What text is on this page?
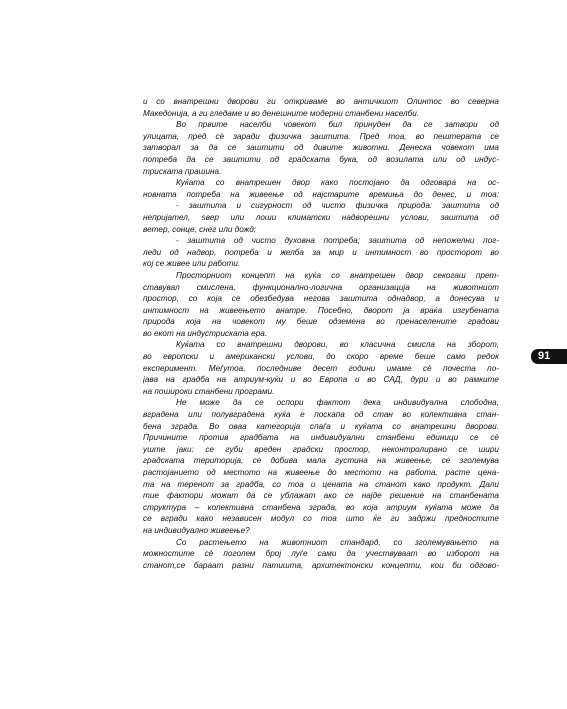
и со внатрешни дворови ги откриваме во античкиот Олинтос во северна
Македонија, а ги гледаме и во денешните модерни станбени населби.
Во првите населби човекот бил принуден да се затвори од
улицата, пред сè заради физичка заштита. Пред тоа, во пештерата се
затворал за да се заштити од дивите животни. Денеска човекот има
потреба да се заштити од градската бука, од возилата или од индус-
триската прашина.
Куќата со внатрешен двор како постојано да одговара на ос-
новната потреба на живеење од најстарите времиња до денес, и тоа:
- заштита и сигурност од чисто физичка природа: заштита од
непријател, ѕвер или лоши климатски надворешни услови, заштита од
ветер, сонце, снег или дожд;
- заштита од чисто духовна потреба; заштита од непожелни пог-
леди од надвор, потреба и желба за мир и интимност во просторот во
кој се живее или работи.
Просторниот концепт на куќа со внатрешен двор секогаш прет-
ставувал смислена, функционално-логична организација на животниот
простор, со која се обезбедува негова заштита однадвор, а донесува и
интимност на живеењето внатре. Посебно, дворот ја враќа изгубената
природа која на човекот му беше одземена во пренаселените градови
во екот на индустриската ера.
Куќата со внатрешни дворови, во класична смисла на зборот,
во европски и американски услови, до скоро време беше само редок
експеримент. Меѓутоа, последниве десет години имаме сè почеста по-
јава на градба на атриум-куќи и во Европа и во САД, дури и во рамките
на пошироки станбени програми.
Не може да се оспори фактот дека индивидуална слободна,
вградена или полувградена куќа е поскапа од стан во колективна стан-
бена зграда. Во оваа категорија спаѓа и куќата со внатрешни дворови.
Причините против градбата на индивидуални станбени единици се сè
уште јаки: се губи вреден градски простор, неконтролирано се шири
градската територија, се добива мала густина на живеење, се зголемува
растојанието од местото на живеење до местото на работа, расте цена-
та на теренот за градба, со тоа и цената на станот како продукт. Дали
тие фактори можат да се ублажат ако се најде решение на станбената
структура – колективна станбена зграда, во која атриум куќата може да
се вгради како независен модул со тоа што ќе ги задржи предностите
на индивидуално живеење?
Со растењето на животниот стандард, со зголемувањето на
можностите сè поголем број луѓе сами да учествуваат во изборот на
станот,се бараат разни патишта, архитектонски концепти, кои би одгово-
91
